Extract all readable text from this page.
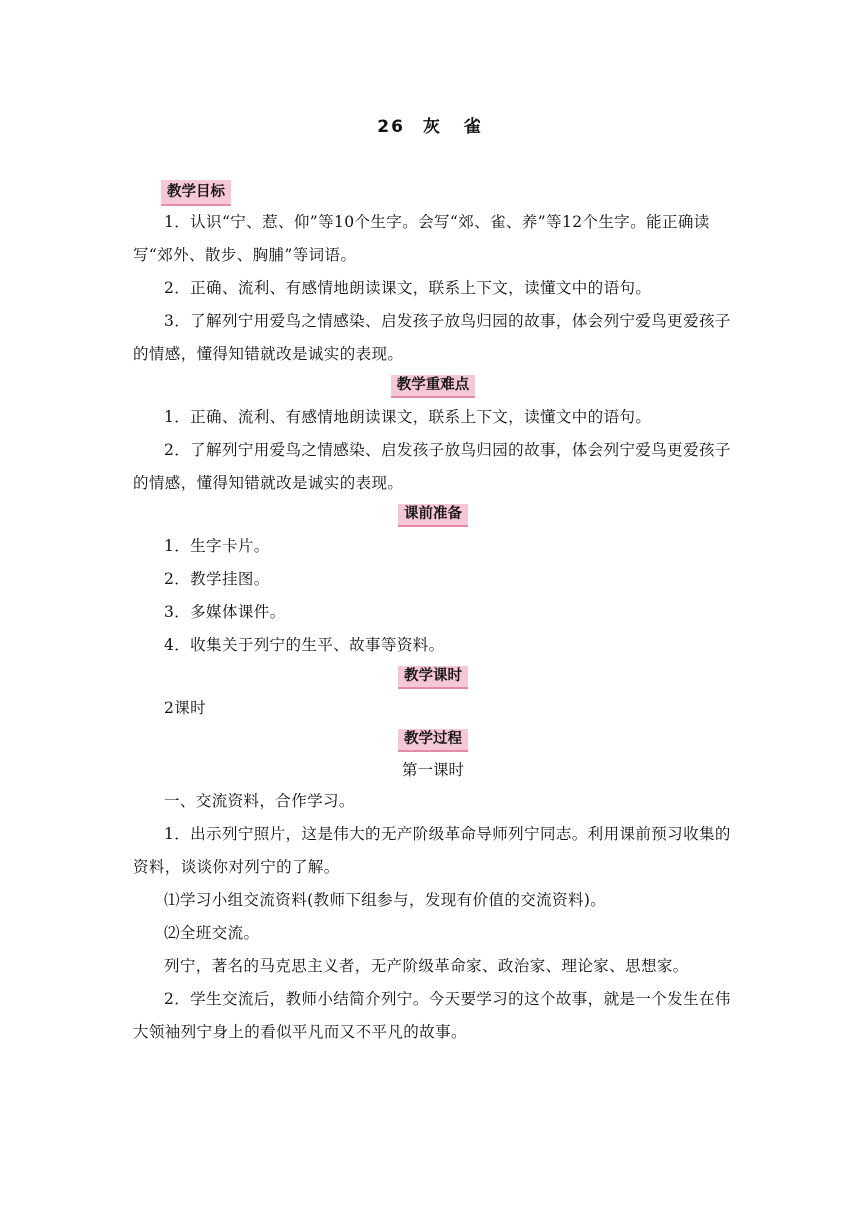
26 灰 雀
教学目标

1．认识“宁、惹、仰”等10个生字。会写“郊、雀、养”等12个生字。能正确读写“郊外、散步、胸脯”等词语。

2．正确、流利、有感情地朗读课文，联系上下文，读懂文中的语句。

3．了解列宁用爱鸟之情感染、启发孩子放鸟归园的故事，体会列宁爱鸟更爱孩子的情感，懂得知错就改是诚实的表现。

教学重难点

1．正确、流利、有感情地朗读课文，联系上下文，读懂文中的语句。

2．了解列宁用爱鸟之情感染、启发孩子放鸟归园的故事，体会列宁爱鸟更爱孩子的情感，懂得知错就改是诚实的表现。

课前准备

1．生字卡片。

2．教学挂图。

3．多媒体课件。

4．收集关于列宁的生平、故事等资料。

教学课时

2课时

教学过程
第一课时

一、交流资料，合作学习。

1．出示列宁照片，这是伟大的无产阶级革命导师列宁同志。利用课前预习收集的资料，谈谈你对列宁的了解。

⑴学习小组交流资料(教师下组参与，发现有价值的交流资料)。

⑵全班交流。

列宁，著名的马克思主义者，无产阶级革命家、政治家、理论家、思想家。

2．学生交流后，教师小结简介列宁。今天要学习的这个故事，就是一个发生在伟大领袖列宁身上的看似平凡而又不平凡的故事。
